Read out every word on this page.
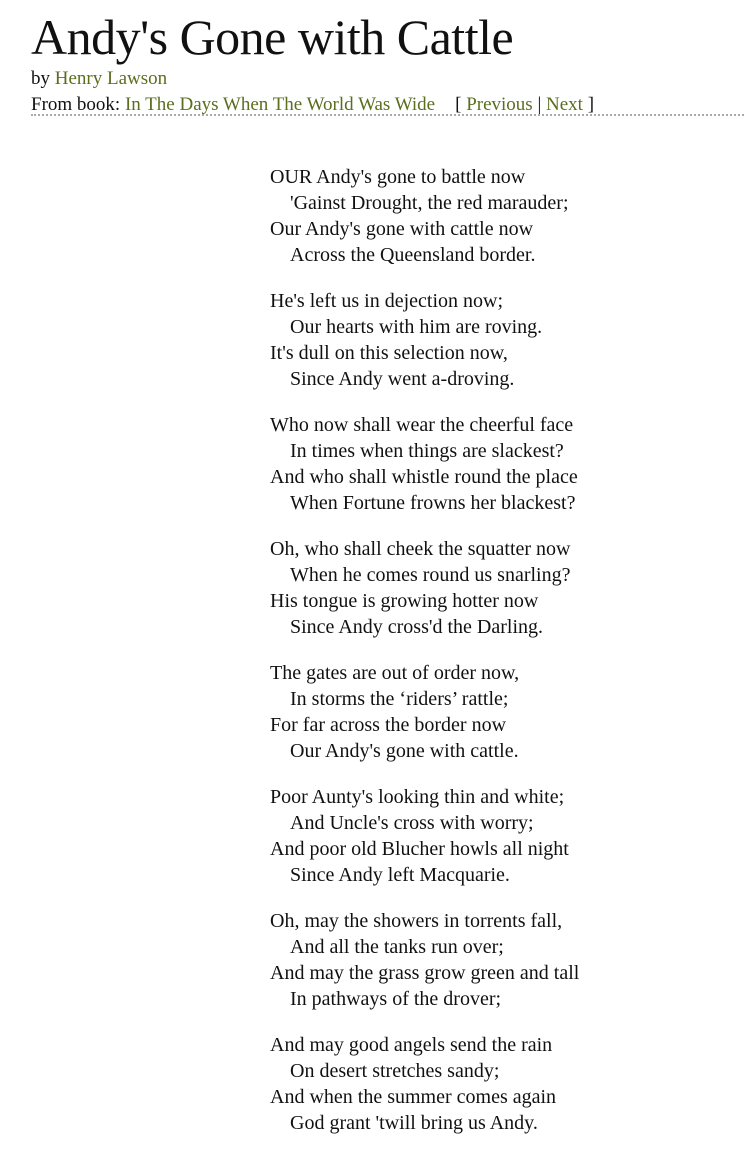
Andy's Gone with Cattle
by Henry Lawson
From book: In The Days When The World Was Wide [ Previous | Next ]
OUR Andy's gone to battle now
'Gainst Drought, the red marauder;
Our Andy's gone with cattle now
Across the Queensland border.
He's left us in dejection now;
Our hearts with him are roving.
It's dull on this selection now,
Since Andy went a-droving.
Who now shall wear the cheerful face
In times when things are slackest?
And who shall whistle round the place
When Fortune frowns her blackest?
Oh, who shall cheek the squatter now
When he comes round us snarling?
His tongue is growing hotter now
Since Andy cross'd the Darling.
The gates are out of order now,
In storms the ‘riders’ rattle;
For far across the border now
Our Andy's gone with cattle.
Poor Aunty's looking thin and white;
And Uncle's cross with worry;
And poor old Blucher howls all night
Since Andy left Macquarie.
Oh, may the showers in torrents fall,
And all the tanks run over;
And may the grass grow green and tall
In pathways of the drover;
And may good angels send the rain
On desert stretches sandy;
And when the summer comes again
God grant 'twill bring us Andy.
